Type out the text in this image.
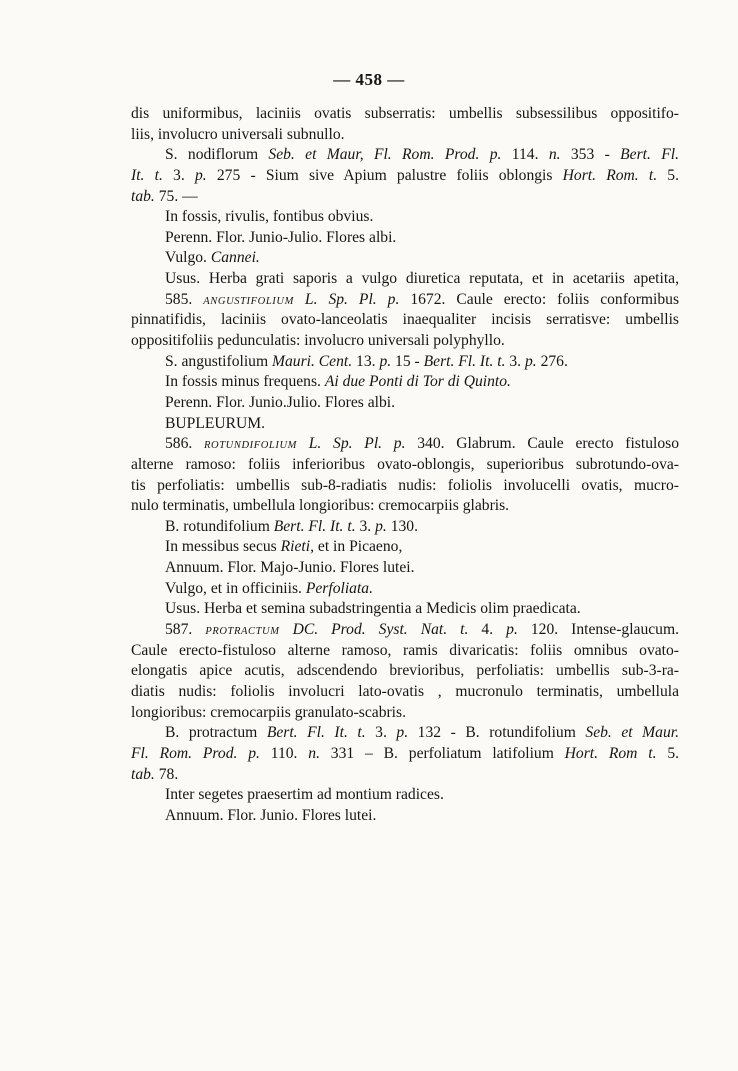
— 458 —
dis uniformibus, laciniis ovatis subserratis: umbellis subsessilibus oppositifo-
liis, involucro universali subnullo.
S. nodiflorum Seb. et Maur, Fl. Rom. Prod. p. 114. n. 353 - Bert. Fl.
It. t. 3. p. 275 - Sium sive Apium palustre foliis oblongis Hort. Rom. t. 5.
tab. 75. —
In fossis, rivulis, fontibus obvius.
Perenn. Flor. Junio-Julio. Flores albi.
Vulgo. Cannei.
Usus. Herba grati saporis a vulgo diuretica reputata, et in acetariis apetita,
585. ANGUSTIFOLIUM L. Sp. Pl. p. 1672. Caule erecto: foliis conformibus
pinnatifidis, laciniis ovato-lanceolatis inaequaliter incisis serratisve: umbellis
oppositifoliis pedunculatis: involucro universali polyphyllo.
S. angustifolium Mauri. Cent. 13. p. 15 - Bert. Fl. It. t. 3. p. 276.
In fossis minus frequens. Ai due Ponti di Tor di Quinto.
Perenn. Flor. Junio.Julio. Flores albi.
BUPLEURUM.
586. ROTUNDIFOLIUM L. Sp. Pl. p. 340. Glabrum. Caule erecto fistuloso
alterne ramoso: foliis inferioribus ovato-oblongis, superioribus subrotundo-ova-
tis perfoliatis: umbellis sub-8-radiatis nudis: foliolis involucelli ovatis, mucro-
nulo terminatis, umbellula longioribus: cremocarpiis glabris.
B. rotundifolium Bert. Fl. It. t. 3. p. 130.
In messibus secus Rieti, et in Picaeno,
Annuum. Flor. Majo-Junio. Flores lutei.
Vulgo, et in officiniis. Perfoliata.
Usus. Herba et semina subadstringentia a Medicis olim praedicata.
587. PROTRACTUM DC. Prod. Syst. Nat. t. 4. p. 120. Intense-glaucum.
Caule erecto-fistuloso alterne ramoso, ramis divaricatis: foliis omnibus ovato-
elongatis apice acutis, adscendendo brevioribus, perfoliatis: umbellis sub-3-ra-
diatis nudis: foliolis involucri lato-ovatis , mucronulo terminatis, umbellula
longioribus: cremocarpiis granulato-scabris.
B. protractum Bert. Fl. It. t. 3. p. 132 - B. rotundifolium Seb. et Maur.
Fl. Rom. Prod. p. 110. n. 331 – B. perfoliatum latifolium Hort. Rom t. 5.
tab. 78.
Inter segetes praesertim ad montium radices.
Annuum. Flor. Junio. Flores lutei.
